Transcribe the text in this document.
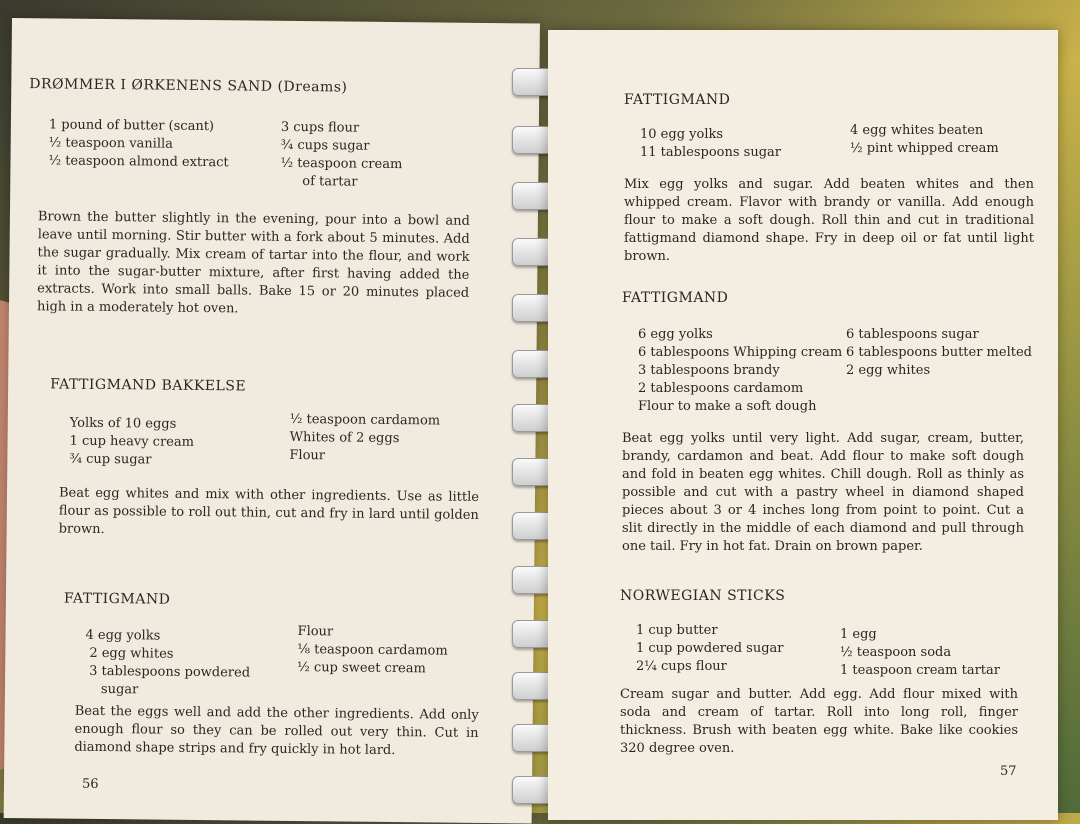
DRØMMER I ØRKENENS SAND (Dreams)
1 pound of butter (scant)
½ teaspoon vanilla
½ teaspoon almond extract
3 cups flour
¾ cups sugar
½ teaspoon cream
of tartar
Brown the butter slightly in the evening, pour into a bowl and leave until morning. Stir butter with a fork about 5 minutes. Add the sugar gradually. Mix cream of tartar into the flour, and work it into the sugar-butter mixture, after first having added the extracts. Work into small balls. Bake 15 or 20 minutes placed high in a moderately hot oven.
FATTIGMAND BAKKELSE
Yolks of 10 eggs
1 cup heavy cream
¾ cup sugar
½ teaspoon cardamom
Whites of 2 eggs
Flour
Beat egg whites and mix with other ingredients. Use as little flour as possible to roll out thin, cut and fry in lard until golden brown.
FATTIGMAND
4 egg yolks
2 egg whites
3 tablespoons powdered
sugar
Flour
⅛ teaspoon cardamom
½ cup sweet cream
Beat the eggs well and add the other ingredients. Add only enough flour so they can be rolled out very thin. Cut in diamond shape strips and fry quickly in hot lard.
56
FATTIGMAND
10 egg yolks
11 tablespoons sugar
4 egg whites beaten
½ pint whipped cream
Mix egg yolks and sugar. Add beaten whites and then whipped cream. Flavor with brandy or vanilla. Add enough flour to make a soft dough. Roll thin and cut in traditional fattigmand diamond shape. Fry in deep oil or fat until light brown.
FATTIGMAND
6 egg yolks
6 tablespoons Whipping cream
3 tablespoons brandy
2 tablespoons cardamom
Flour to make a soft dough
6 tablespoons sugar
6 tablespoons butter melted
2 egg whites
Beat egg yolks until very light. Add sugar, cream, butter, brandy, cardamon and beat. Add flour to make soft dough and fold in beaten egg whites. Chill dough. Roll as thinly as possible and cut with a pastry wheel in diamond shaped pieces about 3 or 4 inches long from point to point. Cut a slit directly in the middle of each diamond and pull through one tail. Fry in hot fat. Drain on brown paper.
NORWEGIAN STICKS
1 cup butter
1 cup powdered sugar
2¼ cups flour
1 egg
½ teaspoon soda
1 teaspoon cream tartar
Cream sugar and butter. Add egg. Add flour mixed with soda and cream of tartar. Roll into long roll, finger thickness. Brush with beaten egg white. Bake like cookies 320 degree oven.
57
